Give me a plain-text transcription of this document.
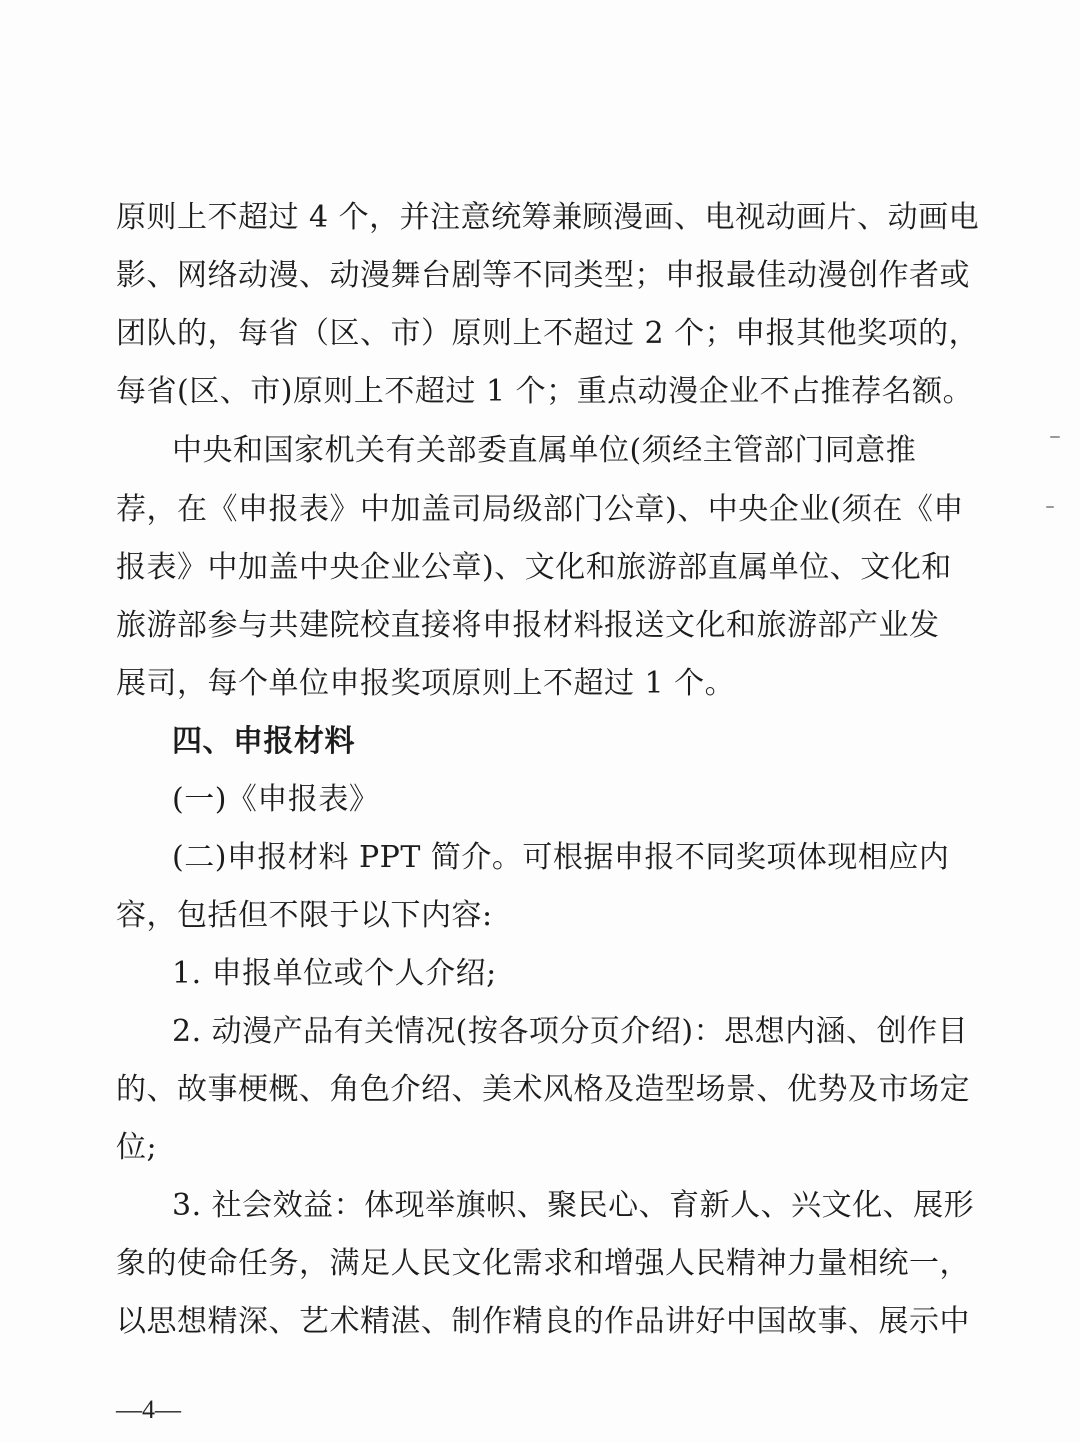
原则上不超过 4 个，并注意统筹兼顾漫画、电视动画片、动画电
影、网络动漫、动漫舞台剧等不同类型；申报最佳动漫创作者或
团队的，每省（区、市）原则上不超过 2 个；申报其他奖项的，
每省(区、市)原则上不超过 1 个；重点动漫企业不占推荐名额。
中央和国家机关有关部委直属单位(须经主管部门同意推
荐，在《申报表》中加盖司局级部门公章)、中央企业(须在《申
报表》中加盖中央企业公章)、文化和旅游部直属单位、文化和
旅游部参与共建院校直接将申报材料报送文化和旅游部产业发
展司，每个单位申报奖项原则上不超过 1 个。
四、申报材料
(一)《申报表》
(二)申报材料 PPT 简介。可根据申报不同奖项体现相应内
容，包括但不限于以下内容:
1. 申报单位或个人介绍;
2. 动漫产品有关情况(按各项分页介绍)：思想内涵、创作目
的、故事梗概、角色介绍、美术风格及造型场景、优势及市场定
位;
3. 社会效益：体现举旗帜、聚民心、育新人、兴文化、展形
象的使命任务，满足人民文化需求和增强人民精神力量相统一，
以思想精深、艺术精湛、制作精良的作品讲好中国故事、展示中
—4—
